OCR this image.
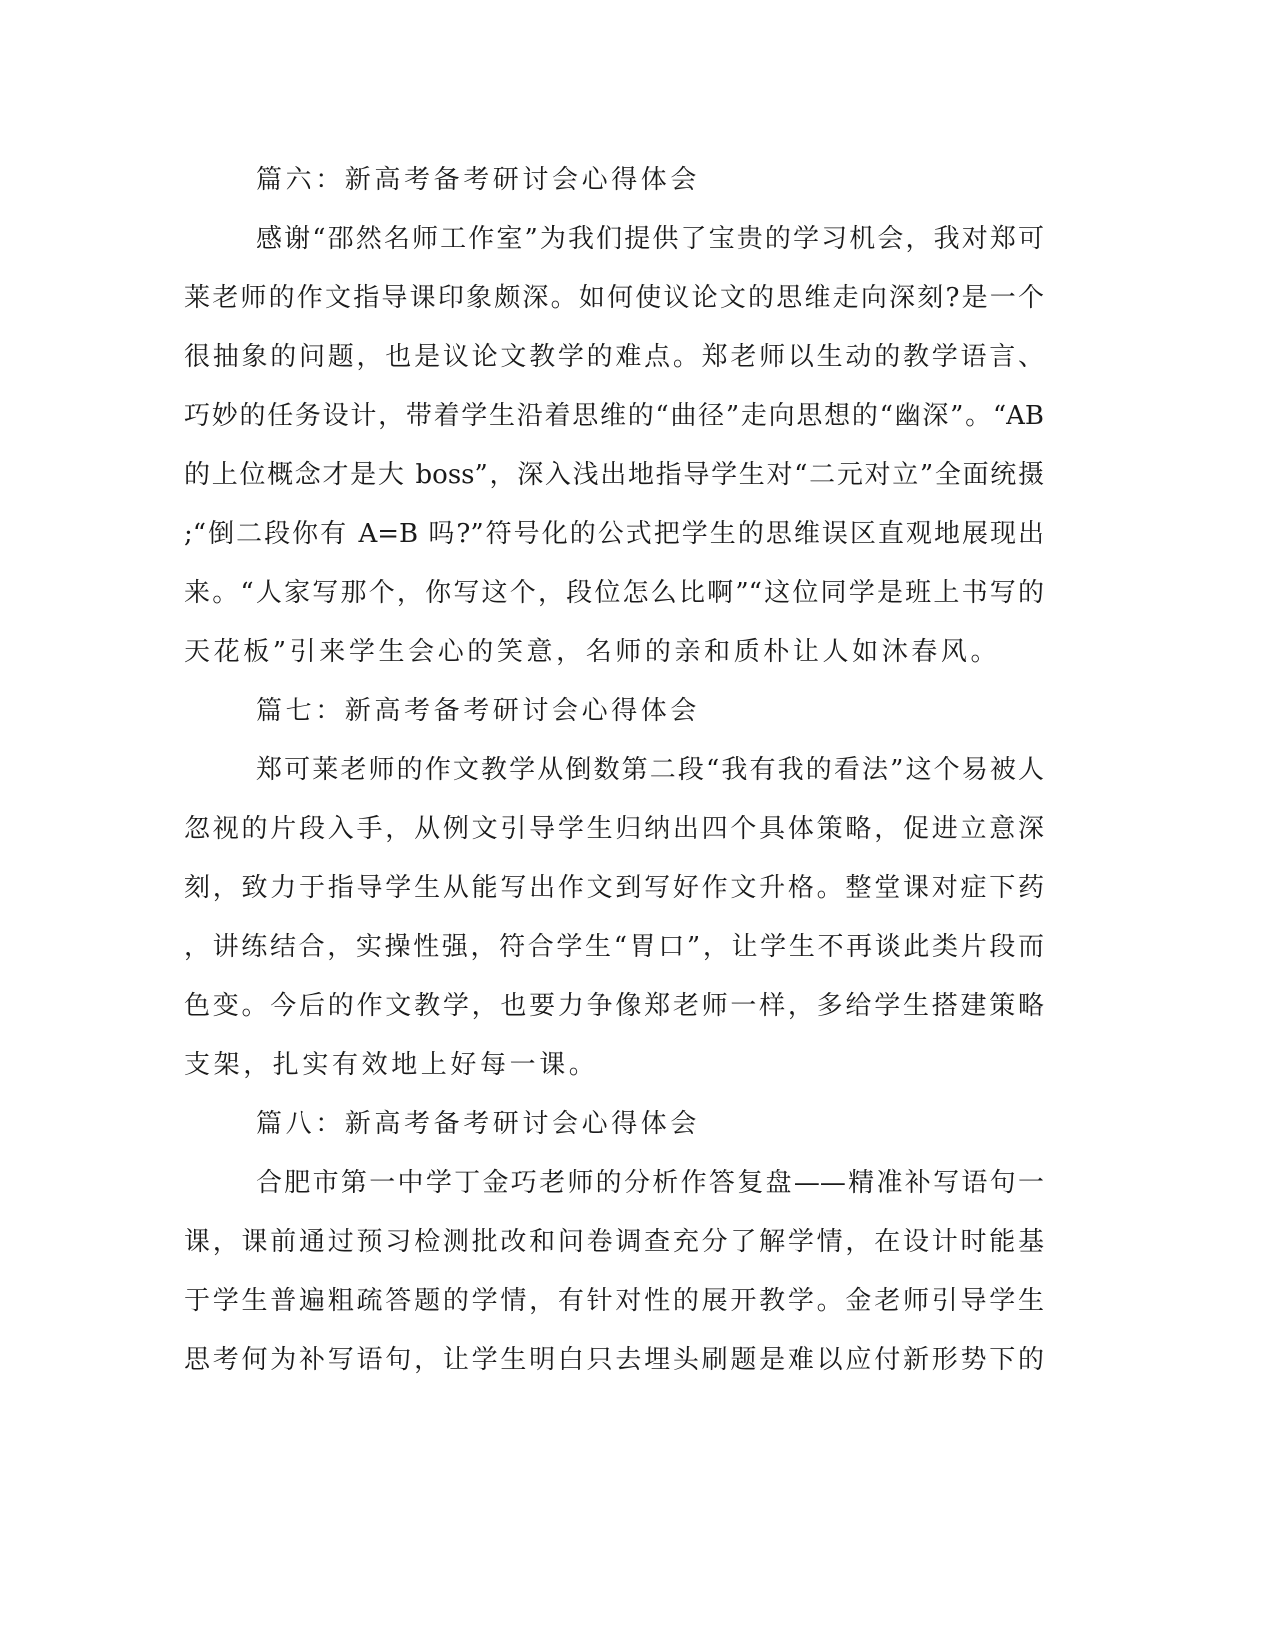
篇六：新高考备考研讨会心得体会
感谢“邵然名师工作室”为我们提供了宝贵的学习机会，我对郑可
莱老师的作文指导课印象颇深。如何使议论文的思维走向深刻?是一个
很抽象的问题，也是议论文教学的难点。郑老师以生动的教学语言、
巧妙的任务设计，带着学生沿着思维的“曲径”走向思想的“幽深”。“AB
的上位概念才是大 boss”，深入浅出地指导学生对“二元对立”全面统摄
;“倒二段你有 A=B 吗?”符号化的公式把学生的思维误区直观地展现出
来。“人家写那个，你写这个，段位怎么比啊”“这位同学是班上书写的
天花板”引来学生会心的笑意，名师的亲和质朴让人如沐春风。
篇七：新高考备考研讨会心得体会
郑可莱老师的作文教学从倒数第二段“我有我的看法”这个易被人
忽视的片段入手，从例文引导学生归纳出四个具体策略，促进立意深
刻，致力于指导学生从能写出作文到写好作文升格。整堂课对症下药
，讲练结合，实操性强，符合学生“胃口”，让学生不再谈此类片段而
色变。今后的作文教学，也要力争像郑老师一样，多给学生搭建策略
支架，扎实有效地上好每一课。
篇八：新高考备考研讨会心得体会
合肥市第一中学丁金巧老师的分析作答复盘——精准补写语句一
课，课前通过预习检测批改和问卷调查充分了解学情，在设计时能基
于学生普遍粗疏答题的学情，有针对性的展开教学。金老师引导学生
思考何为补写语句，让学生明白只去埋头刷题是难以应付新形势下的
